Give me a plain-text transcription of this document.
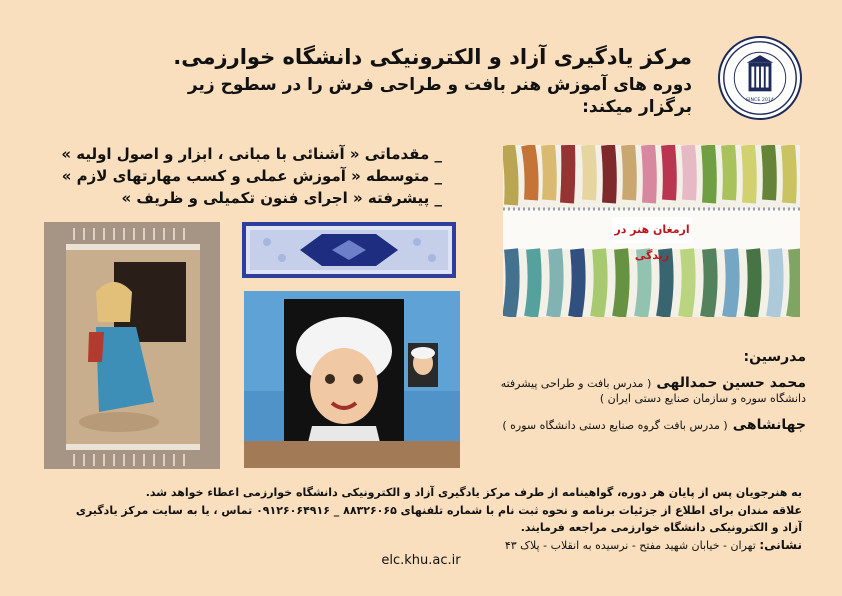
SINCE 2014
مرکز یادگیری آزاد و الکترونیکی دانشگاه خوارزمی.
دوره های آموزش هنر بافت و طراحی فرش را در سطوح زیر
برگزار میکند:
_ مقدماتی « آشنائی با مبانی ، ابزار و اصول اولیه »
_ متوسطه « آموزش عملی و کسب مهارتهای لازم »
_ پیشرفته « اجرای فنون تکمیلی و ظریف »
ارمغان هنر در زندگی
مدرسین:
محمد حسین حمدالهی ( مدرس بافت و طراحی پیشرفته
دانشگاه سوره و سازمان صنایع دستی ایران )
جهانشاهی ( مدرس بافت گروه صنایع دستی دانشگاه سوره )
به هنرجویان پس از پایان هر دوره، گواهینامه از طرف مرکز یادگیری آزاد و الکترونیکی دانشگاه خوارزمی اعطاء خواهد شد.
علاقه مندان برای اطلاع از جزئیات برنامه و نحوه ثبت نام با شماره تلفنهای ۸۸۳۲۶۰۶۵ _ ۰۹۱۲۶۰۶۴۹۱۶ تماس ، یا به سایت مرکز یادگیری
آزاد و الکترونیکی دانشگاه خوارزمی مراجعه فرمایند.
نشانی: تهران - خیابان شهید مفتح - نرسیده به انقلاب - پلاک ۴۳
elc.khu.ac.ir
